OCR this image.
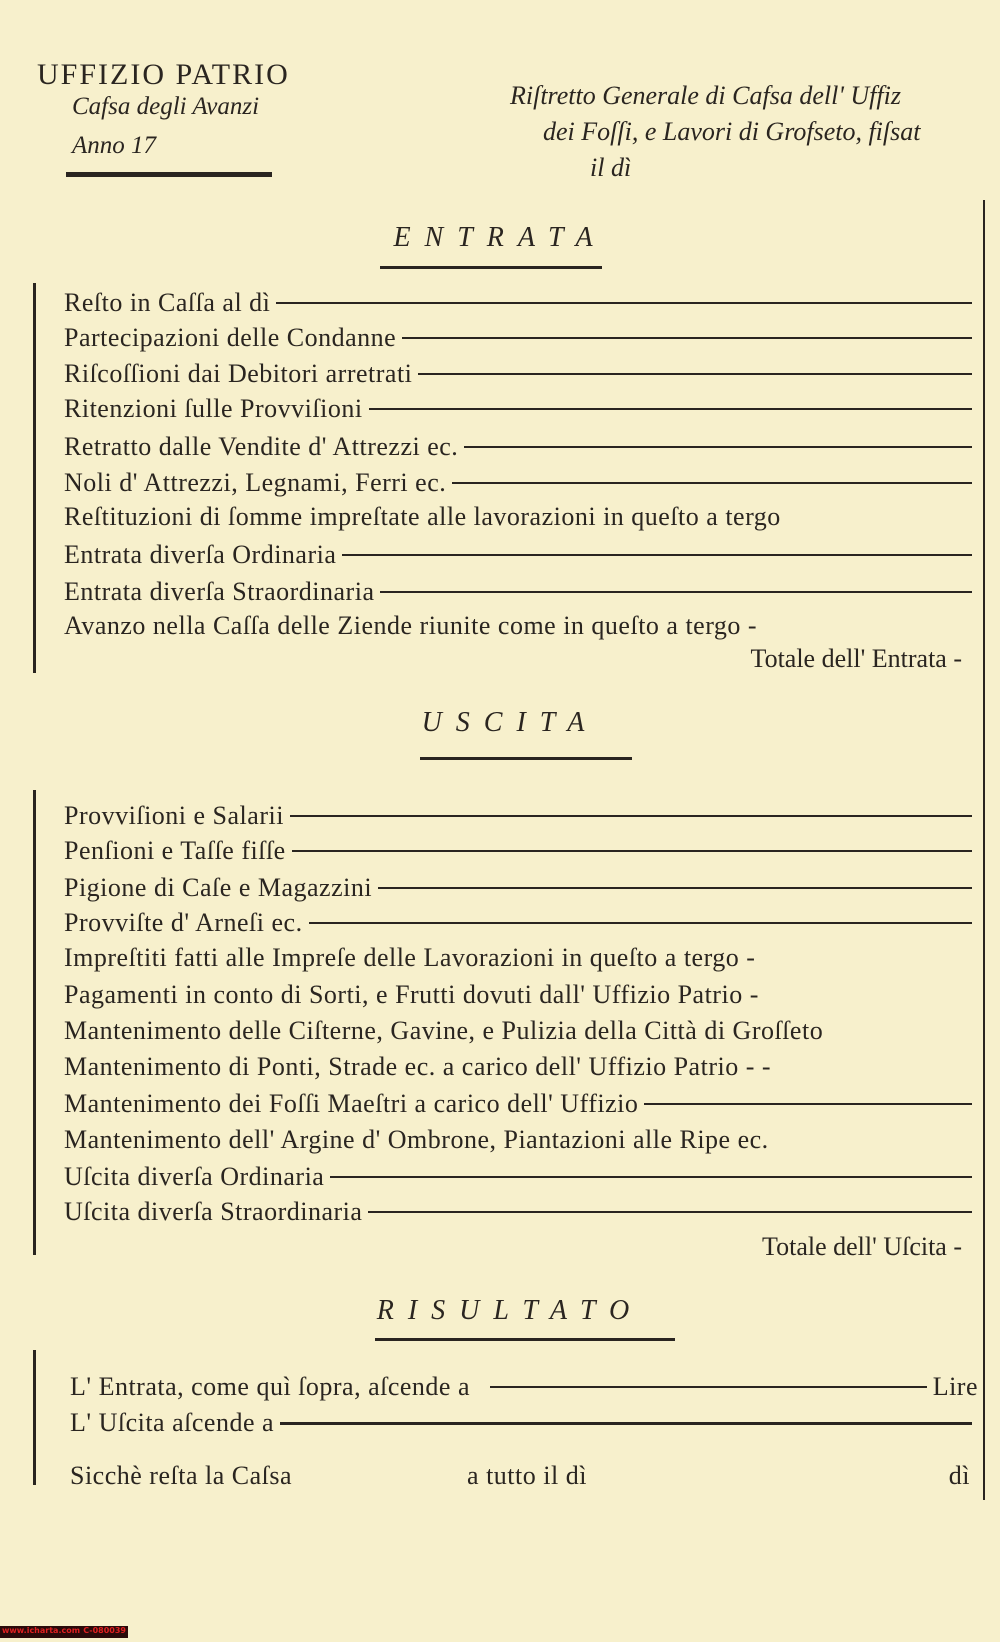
UFFIZIO PATRIO
Cafsa degli Avanzi
Anno 17
Riſtretto Generale di Cafsa dell' Uffiz
dei Foſſi, e Lavori di Grofseto, fiſsat
il dì
ENTRATA
Reſto in Caſſa al dì
Partecipazioni delle Condanne
Riſcoſſioni dai Debitori arretrati
Ritenzioni ſulle Provviſioni
Retratto dalle Vendite d' Attrezzi ec.
Noli d' Attrezzi, Legnami, Ferri ec.
Reſtituzioni di ſomme impreſtate alle lavorazioni in queſto a tergo
Entrata diverſa Ordinaria
Entrata diverſa Straordinaria
Avanzo nella Caſſa delle Ziende riunite come in queſto a tergo -
Totale dell' Entrata -
USCITA
Provviſioni e Salarii
Penſioni e Taſſe fiſſe
Pigione di Caſe e Magazzini
Provviſte d' Arneſi ec.
Impreſtiti fatti alle Impreſe delle Lavorazioni in queſto a tergo -
Pagamenti in conto di Sorti, e Frutti dovuti dall' Uffizio Patrio -
Mantenimento delle Ciſterne, Gavine, e Pulizia della Città di Groſſeto
Mantenimento di Ponti, Strade ec. a carico dell' Uffizio Patrio - -
Mantenimento dei Foſſi Maeſtri a carico dell' Uffizio
Mantenimento dell' Argine d' Ombrone, Piantazioni alle Ripe ec.
Uſcita diverſa Ordinaria
Uſcita diverſa Straordinaria
Totale dell' Uſcita -
RISULTATO
L' Entrata, come quì ſopra, aſcende a	Lire
L' Uſcita aſcende a
Sicchè reſta la Caſsa	a tutto il dì	dì
www.icharta.com C-080039
